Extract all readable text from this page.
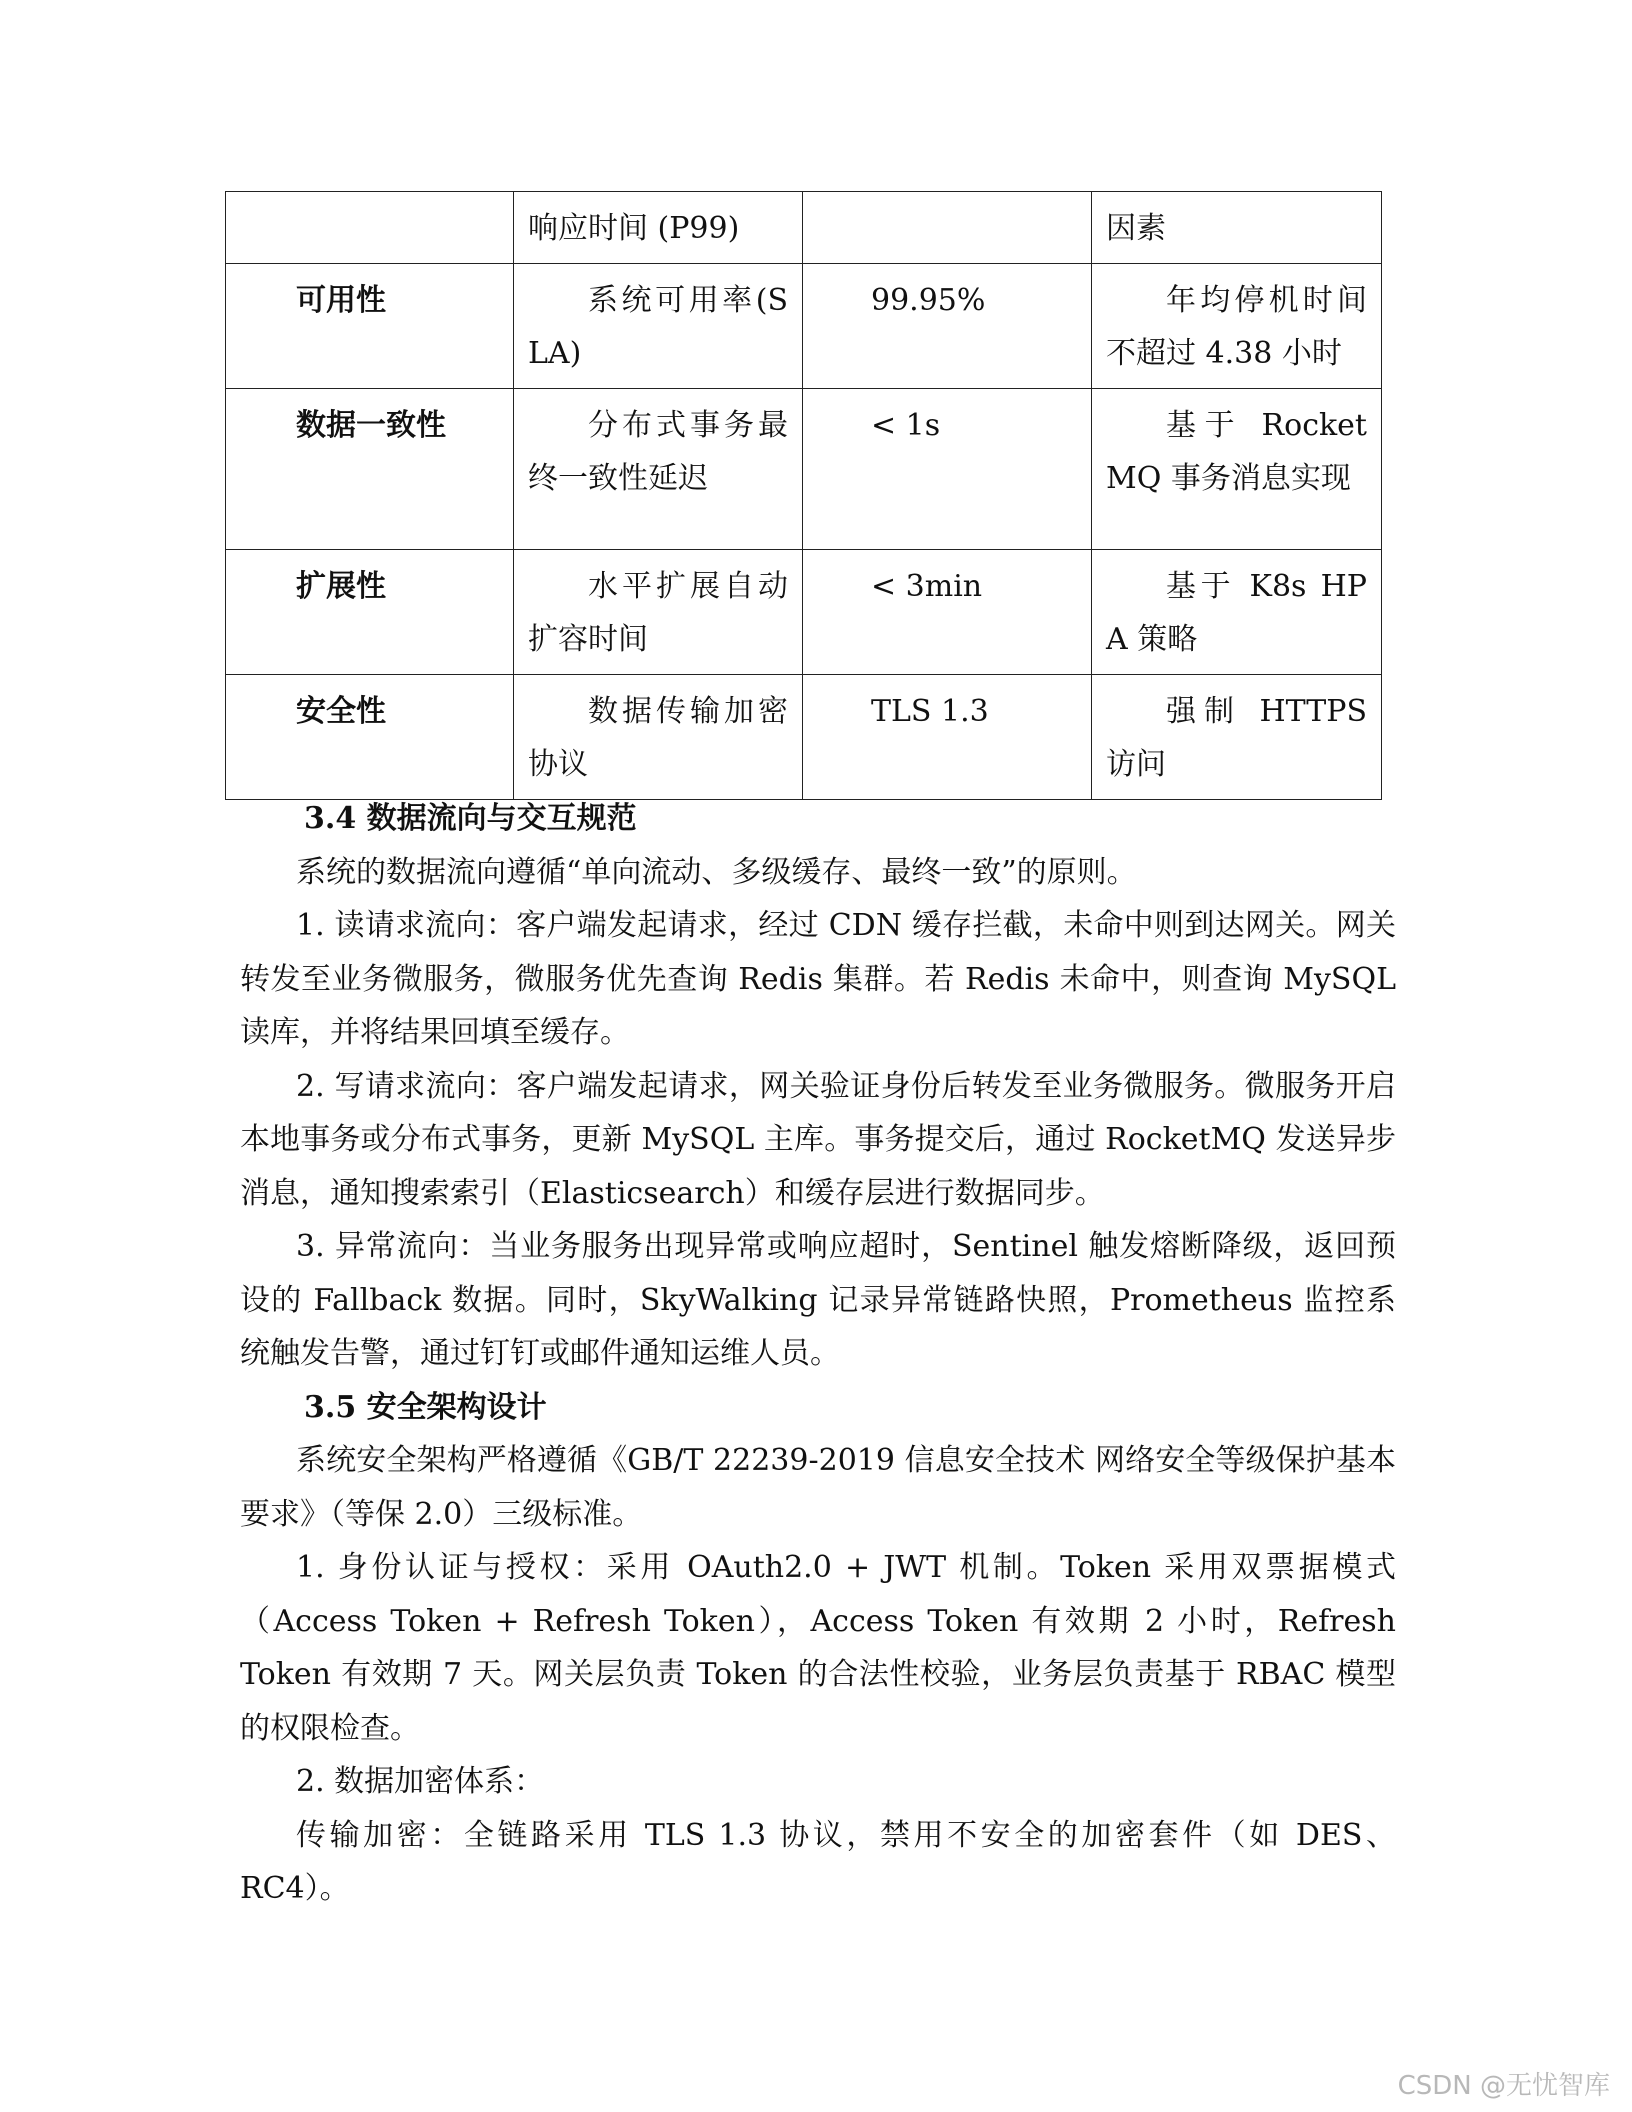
	响应时间 (P99)		因素
可用性	系统可用率(SLA)	99.95%	年均停机时间不超过 4.38 小时
数据一致性	分布式事务最终一致性延迟	< 1s	基于 RocketMQ 事务消息实现
扩展性	水平扩展自动扩容时间	< 3min	基于 K8s HPA 策略
安全性	数据传输加密协议	TLS 1.3	强制 HTTPS 访问
3.4 数据流向与交互规范

系统的数据流向遵循“单向流动、多级缓存、最终一致”的原则。

1. 读请求流向：客户端发起请求，经过 CDN 缓存拦截，未命中则到达网关。网关转发至业务微服务，微服务优先查询 Redis 集群。若 Redis 未命中，则查询 MySQL 读库，并将结果回填至缓存。

2. 写请求流向：客户端发起请求，网关验证身份后转发至业务微服务。微服务开启本地事务或分布式事务，更新 MySQL 主库。事务提交后，通过 RocketMQ 发送异步消息，通知搜索索引（Elasticsearch）和缓存层进行数据同步。

3. 异常流向：当业务服务出现异常或响应超时，Sentinel 触发熔断降级，返回预设的 Fallback 数据。同时，SkyWalking 记录异常链路快照，Prometheus 监控系统触发告警，通过钉钉或邮件通知运维人员。

3.5 安全架构设计

系统安全架构严格遵循《GB/T 22239-2019 信息安全技术 网络安全等级保护基本要求》（等保 2.0）三级标准。

1. 身份认证与授权：采用 OAuth2.0 + JWT 机制。Token 采用双票据模式（Access Token + Refresh Token），Access Token 有效期 2 小时，Refresh Token 有效期 7 天。网关层负责 Token 的合法性校验，业务层负责基于 RBAC 模型的权限检查。

2. 数据加密体系：

传输加密：全链路采用 TLS 1.3 协议，禁用不安全的加密套件（如 DES、RC4）。

CSDN @无忧智库
